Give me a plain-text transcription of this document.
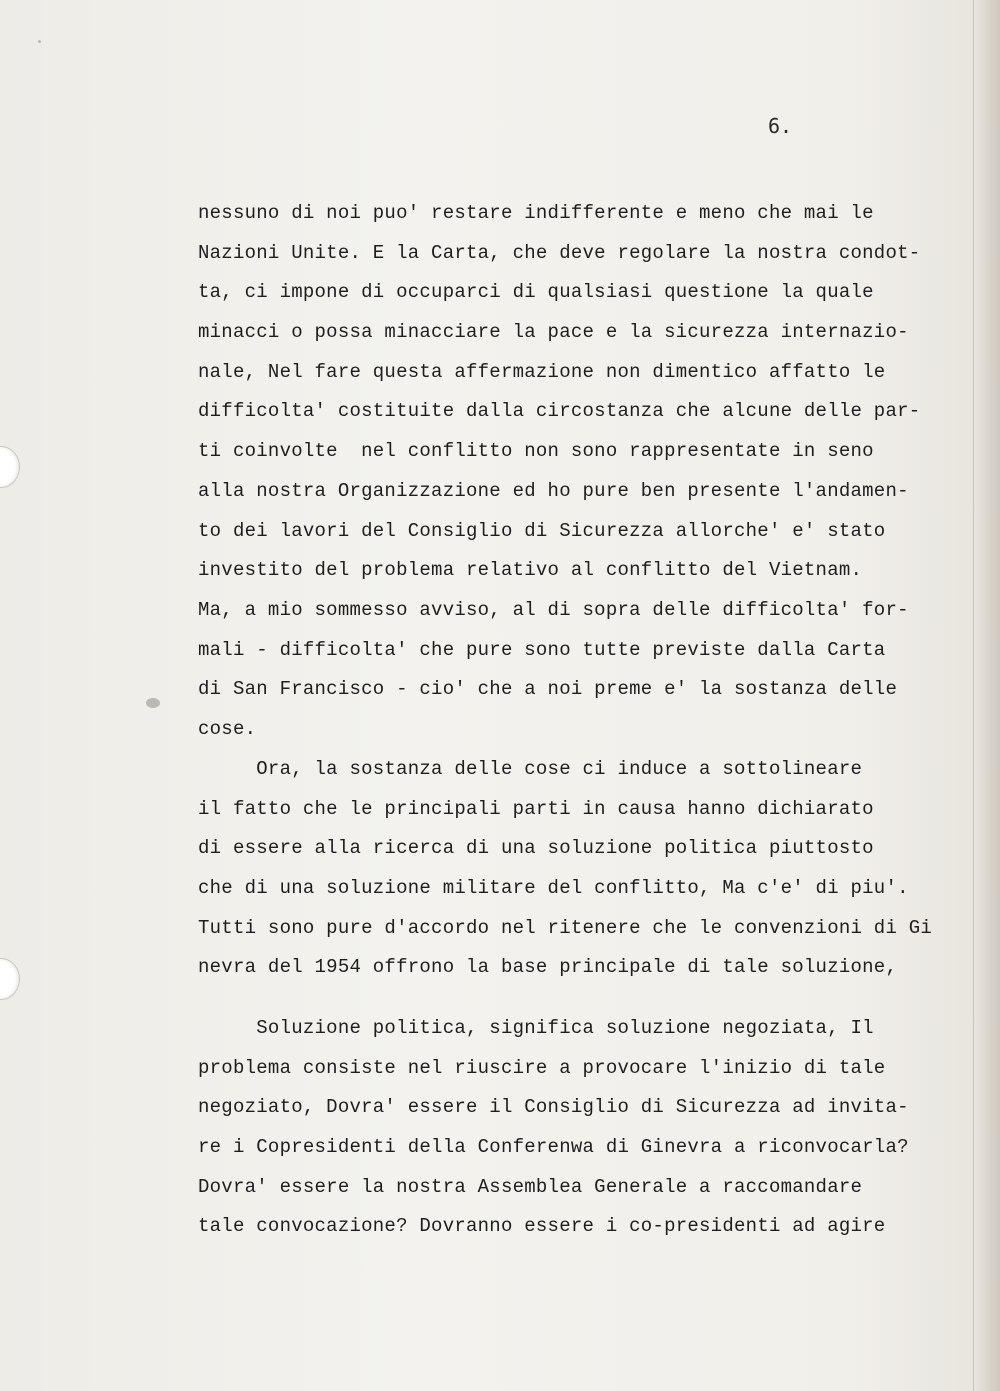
6.
nessuno di noi puo' restare indifferente e meno che mai le
Nazioni Unite. E la Carta, che deve regolare la nostra condot-
ta, ci impone di occuparci di qualsiasi questione la quale
minacci o possa minacciare la pace e la sicurezza internazio-
nale, Nel fare questa affermazione non dimentico affatto le
difficolta' costituite dalla circostanza che alcune delle par-
ti coinvolte  nel conflitto non sono rappresentate in seno
alla nostra Organizzazione ed ho pure ben presente l'andamen-
to dei lavori del Consiglio di Sicurezza allorche' e' stato
investito del problema relativo al conflitto del Vietnam.
Ma, a mio sommesso avviso, al di sopra delle difficolta' for-
mali - difficolta' che pure sono tutte previste dalla Carta
di San Francisco - cio' che a noi preme e' la sostanza delle
cose.
Ora, la sostanza delle cose ci induce a sottolineare
il fatto che le principali parti in causa hanno dichiarato
di essere alla ricerca di una soluzione politica piuttosto
che di una soluzione militare del conflitto, Ma c'e' di piu'.
Tutti sono pure d'accordo nel ritenere che le convenzioni di Gi
nevra del 1954 offrono la base principale di tale soluzione,
Soluzione politica, significa soluzione negoziata, Il
problema consiste nel riuscire a provocare l'inizio di tale
negoziato, Dovra' essere il Consiglio di Sicurezza ad invita-
re i Copresidenti della Conferenwa di Ginevra a riconvocarla?
Dovra' essere la nostra Assemblea Generale a raccomandare
tale convocazione? Dovranno essere i co-presidenti ad agire
